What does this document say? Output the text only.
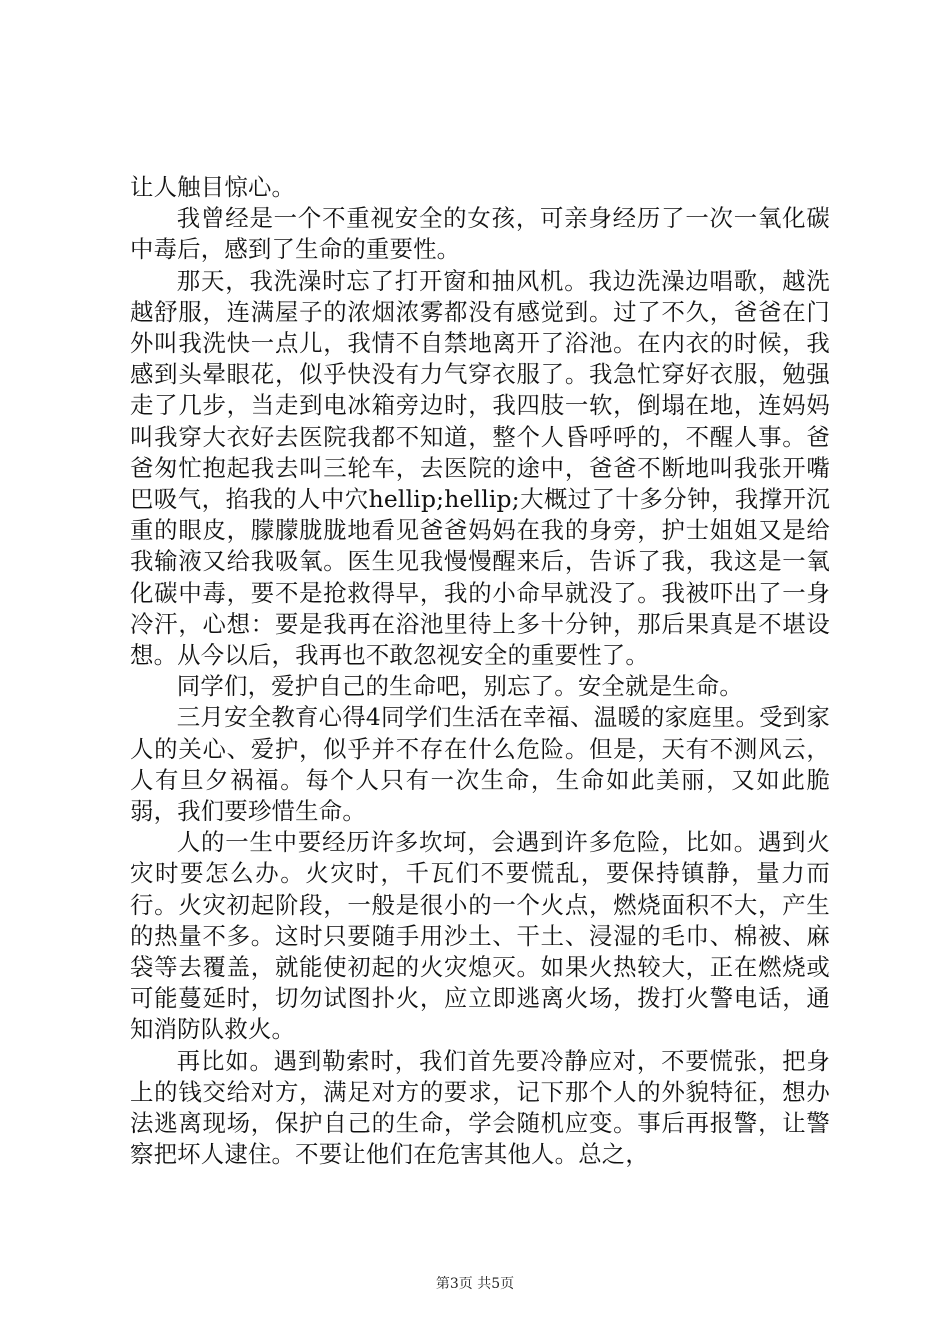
让人触目惊心。

我曾经是一个不重视安全的女孩，可亲身经历了一次一氧化碳中毒后，感到了生命的重要性。

那天，我洗澡时忘了打开窗和抽风机。我边洗澡边唱歌，越洗越舒服，连满屋子的浓烟浓雾都没有感觉到。过了不久，爸爸在门外叫我洗快一点儿，我情不自禁地离开了浴池。在内衣的时候，我感到头晕眼花，似乎快没有力气穿衣服了。我急忙穿好衣服，勉强走了几步，当走到电冰箱旁边时，我四肢一软，倒塌在地，连妈妈叫我穿大衣好去医院我都不知道，整个人昏呼呼的，不醒人事。爸爸匆忙抱起我去叫三轮车，去医院的途中，爸爸不断地叫我张开嘴巴吸气，掐我的人中穴hellip;hellip;大概过了十多分钟，我撑开沉重的眼皮，朦朦胧胧地看见爸爸妈妈在我的身旁，护士姐姐又是给我输液又给我吸氧。医生见我慢慢醒来后，告诉了我，我这是一氧化碳中毒，要不是抢救得早，我的小命早就没了。我被吓出了一身冷汗，心想：要是我再在浴池里待上多十分钟，那后果真是不堪设想。从今以后，我再也不敢忽视安全的重要性了。

同学们，爱护自己的生命吧，别忘了。安全就是生命。

三月安全教育心得4同学们生活在幸福、温暖的家庭里。受到家人的关心、爱护，似乎并不存在什么危险。但是，天有不测风云，人有旦夕祸福。每个人只有一次生命，生命如此美丽，又如此脆弱，我们要珍惜生命。

人的一生中要经历许多坎坷，会遇到许多危险，比如。遇到火灾时要怎么办。火灾时，千瓦们不要慌乱，要保持镇静，量力而行。火灾初起阶段，一般是很小的一个火点，燃烧面积不大，产生的热量不多。这时只要随手用沙土、干土、浸湿的毛巾、棉被、麻袋等去覆盖，就能使初起的火灾熄灭。如果火热较大，正在燃烧或可能蔓延时，切勿试图扑火，应立即逃离火场，拨打火警电话，通知消防队救火。

再比如。遇到勒索时，我们首先要冷静应对，不要慌张，把身上的钱交给对方，满足对方的要求，记下那个人的外貌特征，想办法逃离现场，保护自己的生命，学会随机应变。事后再报警，让警察把坏人逮住。不要让他们在危害其他人。总之，

第3页 共5页
